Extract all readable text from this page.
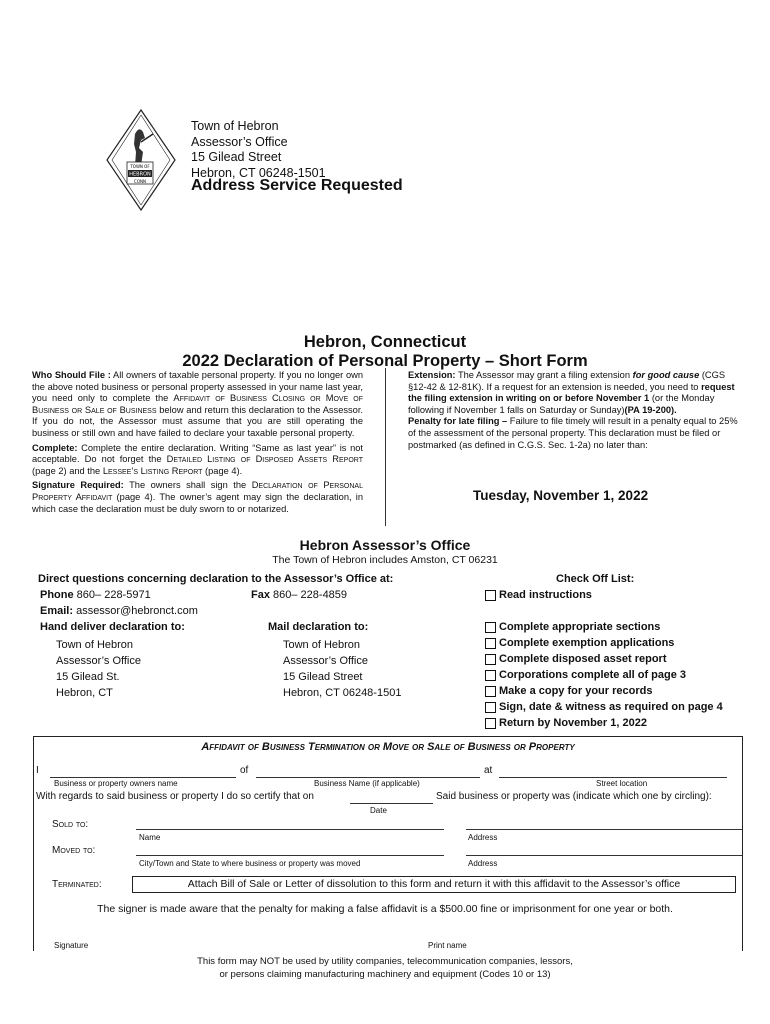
TOWN OF
HEBRON
CONN
Town of Hebron
Assessor’s Office
15 Gilead Street
Hebron, CT 06248-1501
Address Service Requested
Hebron, Connecticut
2022 Declaration of Personal Property – Short Form

Who Should File : All owners of taxable personal property. If you no longer own the above noted business or personal property assessed in your name last year, you need only to complete the Affidavit of Business Closing or Move of Business or Sale of Business below and return this declaration to the Assessor. If you do not, the Assessor must assume that you are still operating the business or still own and have failed to declare your taxable personal property.

Complete: Complete the entire declaration. Writing “Same as last year” is not acceptable. Do not forget the Detailed Listing of Disposed Assets Report (page 2) and the Lessee’s Listing Report (page 4).

Signature Required: The owners shall sign the Declaration of Personal Property Affidavit (page 4). The owner’s agent may sign the declaration, in which case the declaration must be duly sworn to or notarized.

Extension: The Assessor may grant a filing extension for good cause (CGS §12-42 & 12-81K). If a request for an extension is needed, you need to request the filing extension in writing on or before November 1 (or the Monday following if November 1 falls on Saturday or Sunday)(PA 19-200).

Penalty for late filing – Failure to file timely will result in a penalty equal to 25% of the assessment of the personal property. This declaration must be filed or postmarked (as defined in C.G.S. Sec. 1-2a) no later than:

Tuesday, November 1, 2022
Hebron Assessor’s Office
The Town of Hebron includes Amston, CT 06231
Direct questions concerning declaration to the Assessor’s Office at:
Phone 860– 228-5971	Fax 860– 228-4859
Email: assessor@hebronct.com
Hand deliver declaration to:	Mail declaration to:
Town of Hebron
Assessor’s Office
15 Gilead St.
Hebron, CT
Town of Hebron
Assessor’s Office
15 Gilead Street
Hebron, CT 06248-1501
Check Off List:
Read instructions
Complete appropriate sections
Complete exemption applications
Complete disposed asset report
Corporations complete all of page 3
Make a copy for your records
Sign, date & witness as required on page 4
Return by November 1, 2022
Affidavit of Business Termination or Move or Sale of Business or Property
I	of	at
Business or property owners name	Business Name (if applicable)	Street location
With regards to said business or property I do so certify that on	Said business or property was (indicate which one by circling):
Date
Sold to:
Name	Address
Moved to:
City/Town and State to where business or property was moved	Address
Terminated:	Attach Bill of Sale or Letter of dissolution to this form and return it with this affidavit to the Assessor’s office
The signer is made aware that the penalty for making a false affidavit is a $500.00 fine or imprisonment for one year or both.
Signature	Print name
This form may NOT be used by utility companies, telecommunication companies, lessors,
or persons claiming manufacturing machinery and equipment (Codes 10 or 13)
